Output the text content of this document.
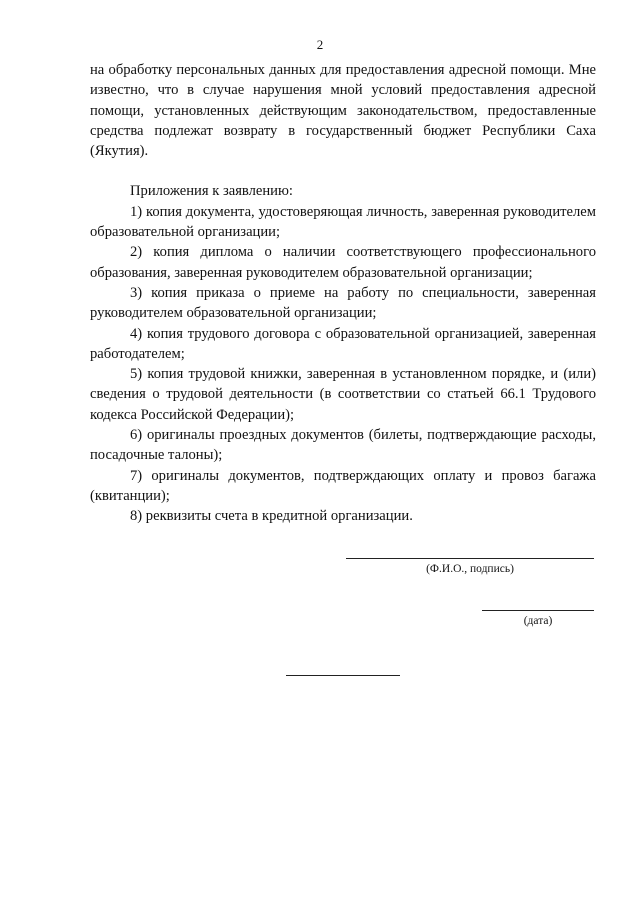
2

на обработку персональных данных для предоставления адресной помощи. Мне известно, что в случае нарушения мной условий предоставления адресной помощи, установленных действующим законодательством, предоставленные средства подлежат возврату в государственный бюджет Республики Саха (Якутия).

Приложения к заявлению:

1) копия документа, удостоверяющая личность, заверенная руководителем образовательной организации;

2) копия диплома о наличии соответствующего профессионального образования, заверенная руководителем образовательной организации;

3) копия приказа о приеме на работу по специальности, заверенная руководителем образовательной организации;

4) копия трудового договора с образовательной организацией, заверенная работодателем;

5) копия трудовой книжки, заверенная в установленном порядке, и (или) сведения о трудовой деятельности (в соответствии со статьей 66.1 Трудового кодекса Российской Федерации);

6) оригиналы проездных документов (билеты, подтверждающие расходы, посадочные талоны);

7) оригиналы документов, подтверждающих оплату и провоз багажа (квитанции);

8) реквизиты счета в кредитной организации.

(Ф.И.О., подпись)
(дата)
